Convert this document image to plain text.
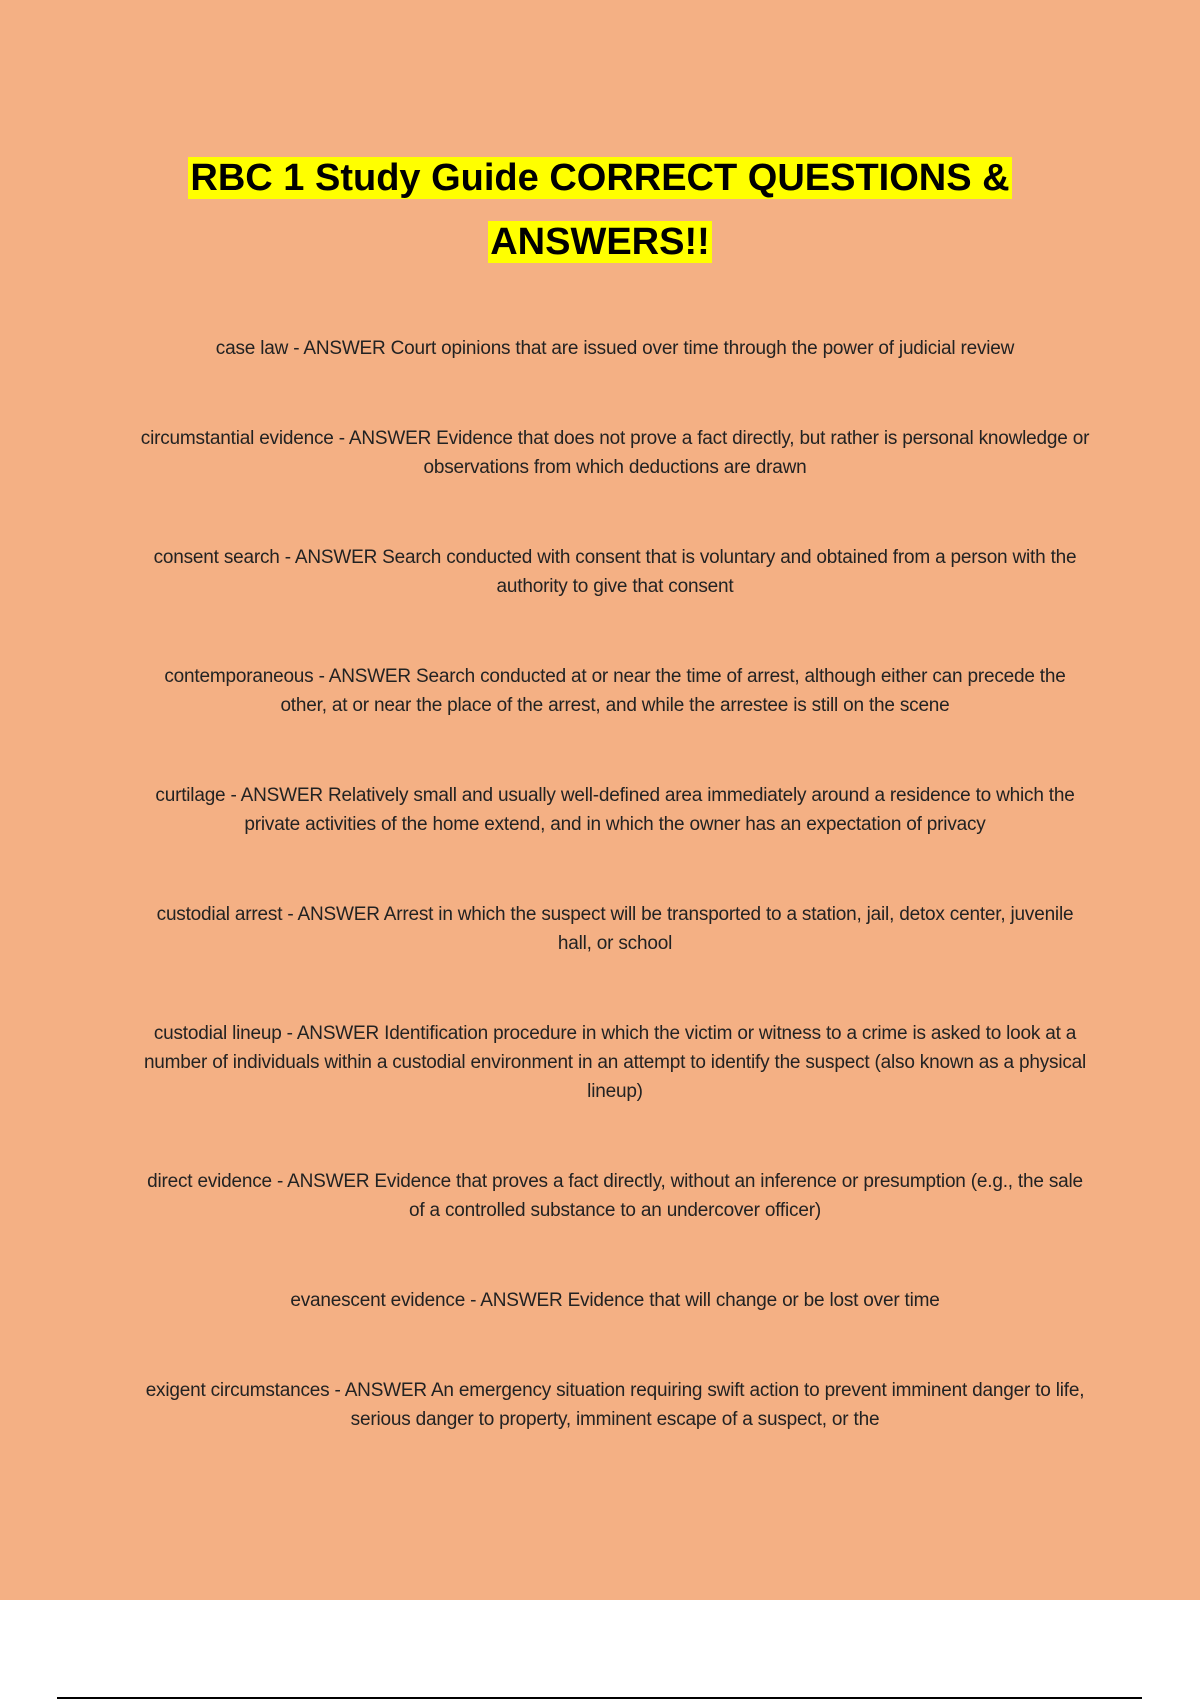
RBC 1 Study Guide CORRECT QUESTIONS &
ANSWERS!!
case law - ANSWER Court opinions that are issued over time through the power of judicial review
circumstantial evidence - ANSWER Evidence that does not prove a fact directly, but rather is personal knowledge or observations from which deductions are drawn
consent search - ANSWER Search conducted with consent that is voluntary and obtained from a person with the authority to give that consent
contemporaneous - ANSWER Search conducted at or near the time of arrest, although either can precede the other, at or near the place of the arrest, and while the arrestee is still on the scene
curtilage - ANSWER Relatively small and usually well-defined area immediately around a residence to which the private activities of the home extend, and in which the owner has an expectation of privacy
custodial arrest - ANSWER Arrest in which the suspect will be transported to a station, jail, detox center, juvenile hall, or school
custodial lineup - ANSWER Identification procedure in which the victim or witness to a crime is asked to look at a number of individuals within a custodial environment in an attempt to identify the suspect (also known as a physical lineup)
direct evidence - ANSWER Evidence that proves a fact directly, without an inference or presumption (e.g., the sale of a controlled substance to an undercover officer)
evanescent evidence - ANSWER Evidence that will change or be lost over time
exigent circumstances - ANSWER An emergency situation requiring swift action to prevent imminent danger to life, serious danger to property, imminent escape of a suspect, or the
